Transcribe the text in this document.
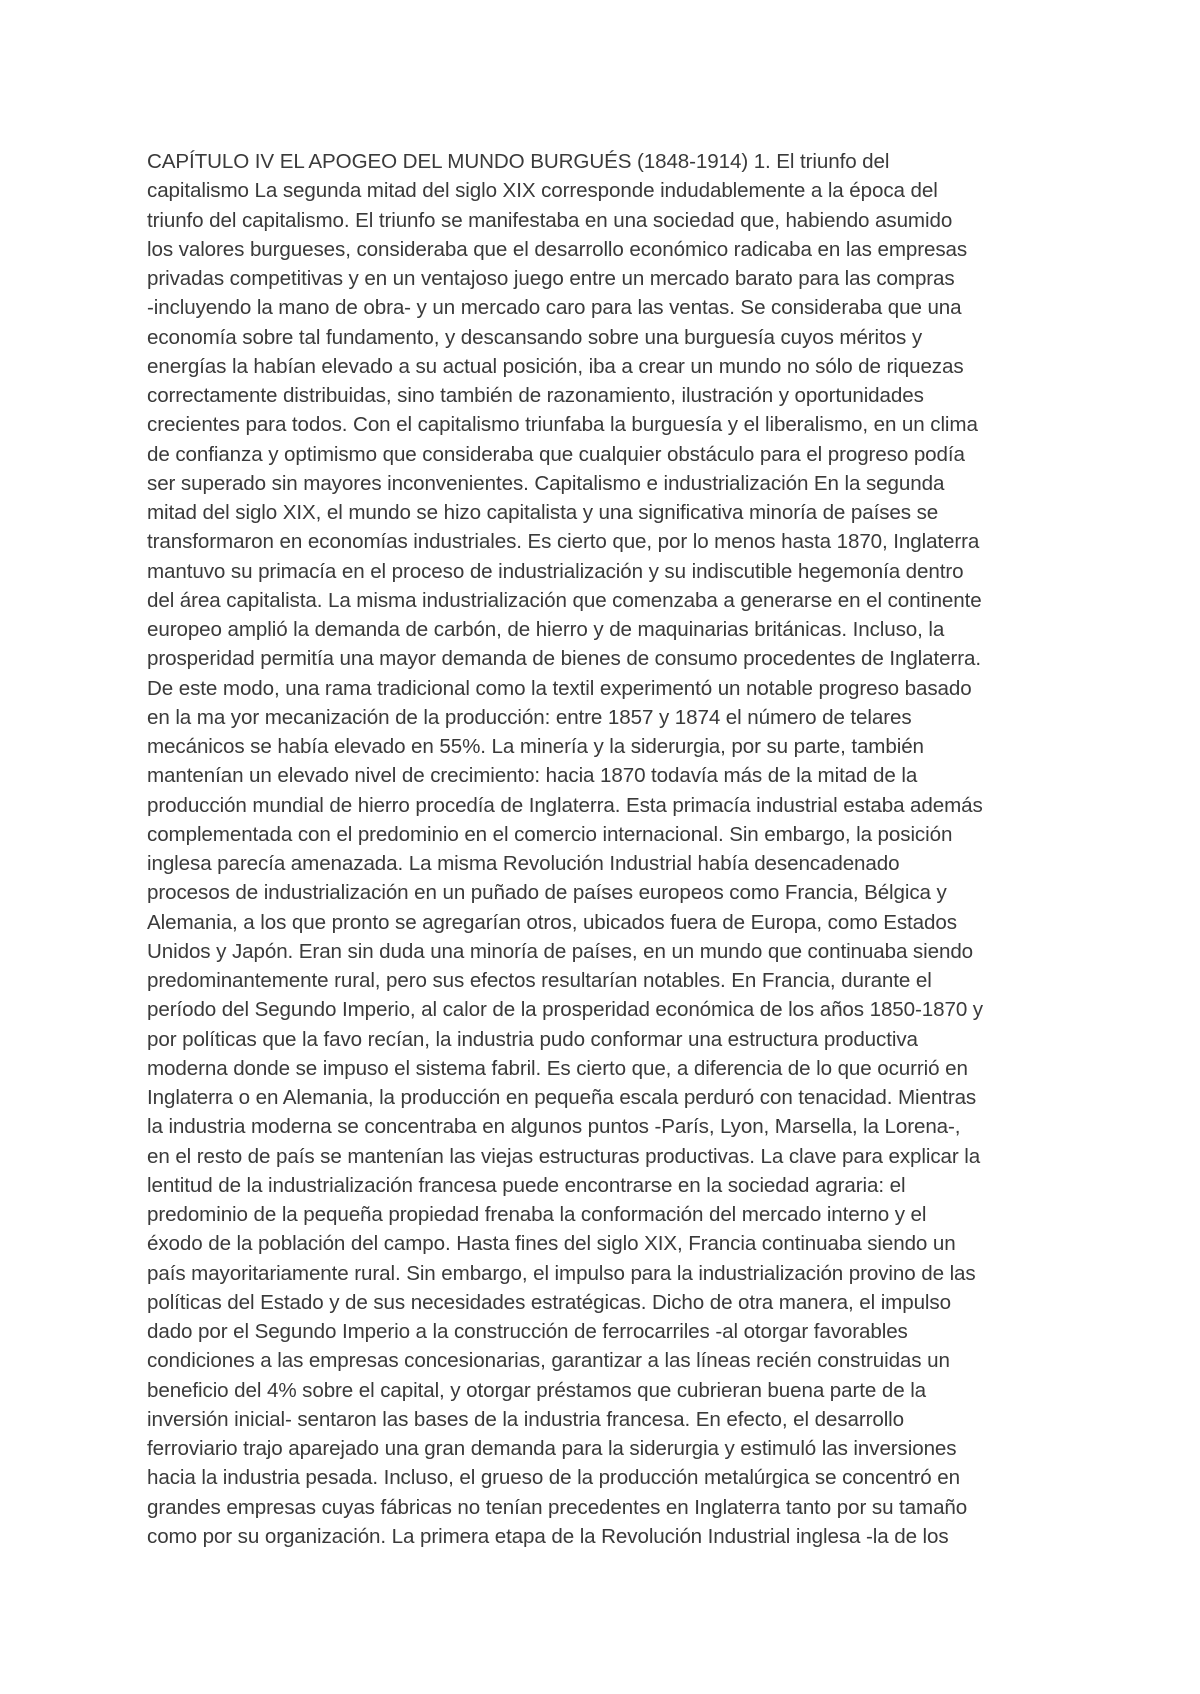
CAPÍTULO IV EL APOGEO DEL MUNDO BURGUÉS (1848-1914) 1. El triunfo del
capitalismo La segunda mitad del siglo XIX corresponde indudablemente a la época del
triunfo del capitalismo. El triunfo se manifestaba en una sociedad que, habiendo asumido
los valores burgueses, consideraba que el desarrollo económico radicaba en las empresas
privadas competitivas y en un ventajoso juego entre un mercado barato para las compras
-incluyendo la mano de obra- y un mercado caro para las ventas. Se consideraba que una
economía sobre tal fundamento, y descansando sobre una burguesía cuyos méritos y
energías la habían elevado a su actual posición, iba a crear un mundo no sólo de riquezas
correctamente distribuidas, sino también de razonamiento, ilustración y oportunidades
crecientes para todos. Con el capitalismo triunfaba la burguesía y el liberalismo, en un clima
de confianza y optimismo que consideraba que cualquier obstáculo para el progreso podía
ser superado sin mayores inconvenientes. Capitalismo e industrialización En la segunda
mitad del siglo XIX, el mundo se hizo capitalista y una significativa minoría de países se
transformaron en economías industriales. Es cierto que, por lo menos hasta 1870, Inglaterra
mantuvo su primacía en el proceso de industrialización y su indiscutible hegemonía dentro
del área capitalista. La misma industrialización que comenzaba a generarse en el continente
europeo amplió la demanda de carbón, de hierro y de maquinarias británicas. Incluso, la
prosperidad permitía una mayor demanda de bienes de consumo procedentes de Inglaterra.
De este modo, una rama tradicional como la textil experimentó un notable progreso basado
en la ma yor mecanización de la producción: entre 1857 y 1874 el número de telares
mecánicos se había elevado en 55%. La minería y la siderurgia, por su parte, también
mantenían un elevado nivel de crecimiento: hacia 1870 todavía más de la mitad de la
producción mundial de hierro procedía de Inglaterra. Esta primacía industrial estaba además
complementada con el predominio en el comercio internacional. Sin embargo, la posición
inglesa parecía amenazada. La misma Revolución Industrial había desencadenado
procesos de industrialización en un puñado de países europeos como Francia, Bélgica y
Alemania, a los que pronto se agregarían otros, ubicados fuera de Europa, como Estados
Unidos y Japón. Eran sin duda una minoría de países, en un mundo que continuaba siendo
predominantemente rural, pero sus efectos resultarían notables. En Francia, durante el
período del Segundo Imperio, al calor de la prosperidad económica de los años 1850-1870 y
por políticas que la favo recían, la industria pudo conformar una estructura productiva
moderna donde se impuso el sistema fabril. Es cierto que, a diferencia de lo que ocurrió en
Inglaterra o en Alemania, la producción en pequeña escala perduró con tenacidad. Mientras
la industria moderna se concentraba en algunos puntos -París, Lyon, Marsella, la Lorena-,
en el resto de país se mantenían las viejas estructuras productivas. La clave para explicar la
lentitud de la industrialización francesa puede encontrarse en la sociedad agraria: el
predominio de la pequeña propiedad frenaba la conformación del mercado interno y el
éxodo de la población del campo. Hasta fines del siglo XIX, Francia continuaba siendo un
país mayoritariamente rural. Sin embargo, el impulso para la industrialización provino de las
políticas del Estado y de sus necesidades estratégicas. Dicho de otra manera, el impulso
dado por el Segundo Imperio a la construcción de ferrocarriles -al otorgar favorables
condiciones a las empresas concesionarias, garantizar a las líneas recién construidas un
beneficio del 4% sobre el capital, y otorgar préstamos que cubrieran buena parte de la
inversión inicial- sentaron las bases de la industria francesa. En efecto, el desarrollo
ferroviario trajo aparejado una gran demanda para la siderurgia y estimuló las inversiones
hacia la industria pesada. Incluso, el grueso de la producción metalúrgica se concentró en
grandes empresas cuyas fábricas no tenían precedentes en Inglaterra tanto por su tamaño
como por su organización. La primera etapa de la Revolución Industrial inglesa -la de los
